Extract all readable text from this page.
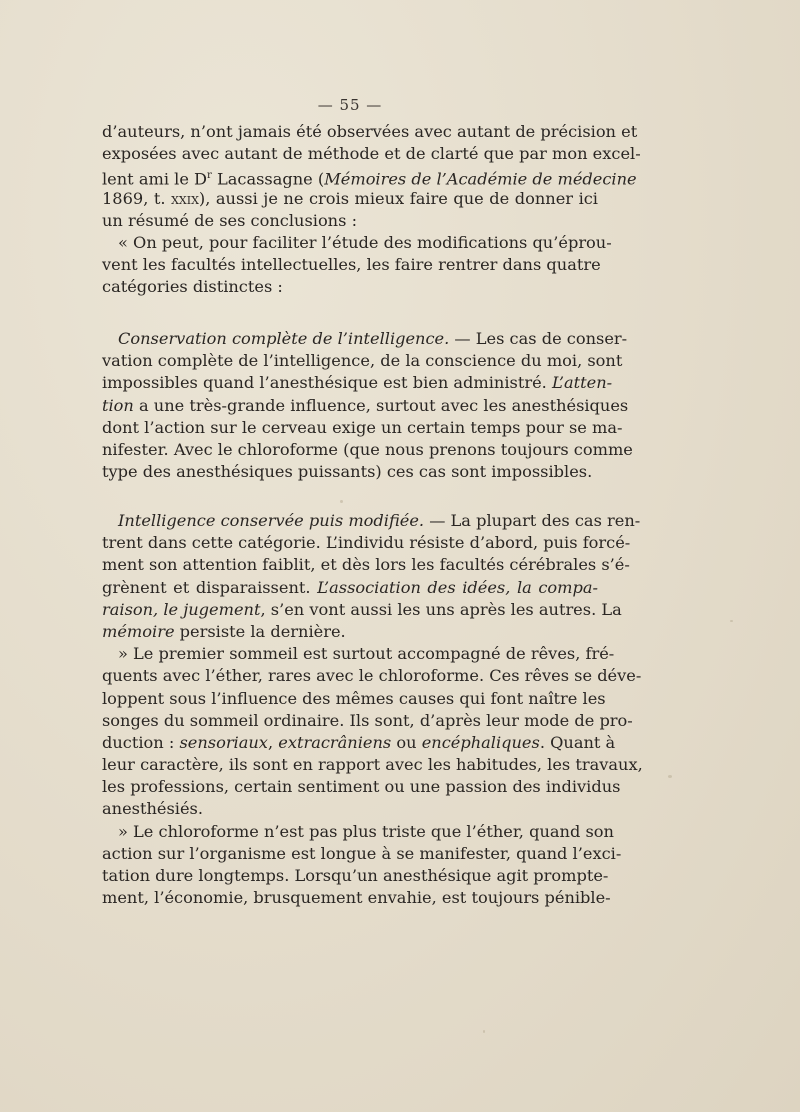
— 55 —
d’auteurs, n’ont jamais été observées avec autant de précision et
exposées avec autant de méthode et de clarté que par mon excel-
lent ami le $D^r$ Lacassagne (Mémoires de l’Académie de médecine
1869, t. xxix), aussi je ne crois mieux faire que de donner ici
un résumé de ses conclusions :
« On peut, pour faciliter l’étude des modifications qu’éprou-
vent les facultés intellectuelles, les faire rentrer dans quatre
catégories distinctes :
Conservation complète de l’intelligence. — Les cas de conser-
vation complète de l’intelligence, de la conscience du moi, sont
impossibles quand l’anesthésique est bien administré. L’atten-
tion a une très-grande influence, surtout avec les anesthésiques
dont l’action sur le cerveau exige un certain temps pour se ma-
nifester. Avec le chloroforme (que nous prenons toujours comme
type des anesthésiques puissants) ces cas sont impossibles.
Intelligence conservée puis modifiée. — La plupart des cas ren-
trent dans cette catégorie. L’individu résiste d’abord, puis forcé-
ment son attention faiblit, et dès lors les facultés cérébrales s’é-
grènent et disparaissent. L’association des idées, la compa-
raison, le jugement, s’en vont aussi les uns après les autres. La
mémoire persiste la dernière.
» Le premier sommeil est surtout accompagné de rêves, fré-
quents avec l’éther, rares avec le chloroforme. Ces rêves se déve-
loppent sous l’influence des mêmes causes qui font naître les
songes du sommeil ordinaire. Ils sont, d’après leur mode de pro-
duction : sensoriaux, extracrâniens ou encéphaliques. Quant à
leur caractère, ils sont en rapport avec les habitudes, les travaux,
les professions, certain sentiment ou une passion des individus
anesthésiés.
» Le chloroforme n’est pas plus triste que l’éther, quand son
action sur l’organisme est longue à se manifester, quand l’exci-
tation dure longtemps. Lorsqu’un anesthésique agit prompte-
ment, l’économie, brusquement envahie, est toujours pénible-
